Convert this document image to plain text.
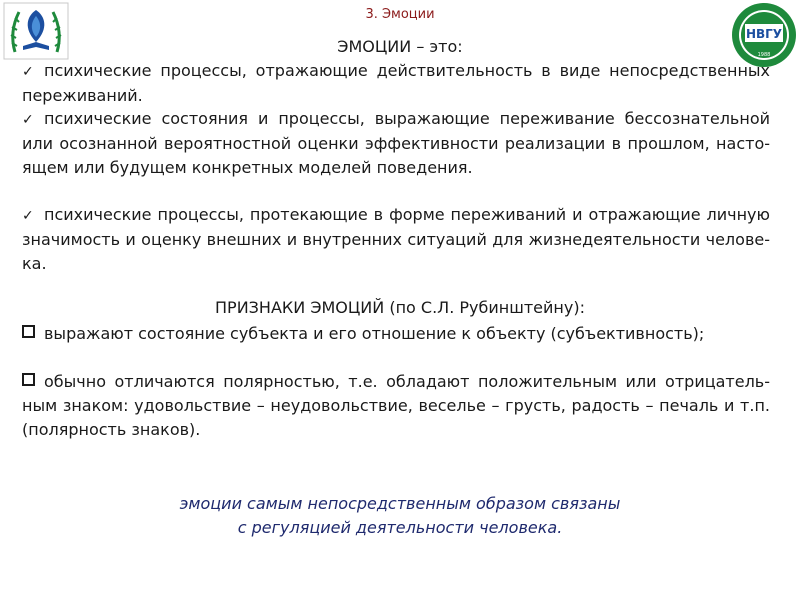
3. Эмоции
НВГУ
1988
ЭМОЦИИ – это:
✓ психические процессы, отражающие действительность в виде непосредственных переживаний.
✓ психические состояния и процессы, выражающие переживание бессознательной или осознанной вероятностной оценки эффективности реализации в прошлом, насто-ящем или будущем конкретных моделей поведения.
✓ психические процессы, протекающие в форме переживаний и отражающие личную значимость и оценку внешних и внутренних ситуаций для жизнедеятельности челове-ка.
ПРИЗНАКИ ЭМОЦИЙ (по С.Л. Рубинштейну):
выражают состояние субъекта и его отношение к объекту (субъективность);
обычно отличаются полярностью, т.е. обладают положительным или отрицатель-ным знаком: удовольствие – неудовольствие, веселье – грусть, радость – печаль и т.п. (полярность знаков).
эмоции самым непосредственным образом связаны
с регуляцией деятельности человека.
